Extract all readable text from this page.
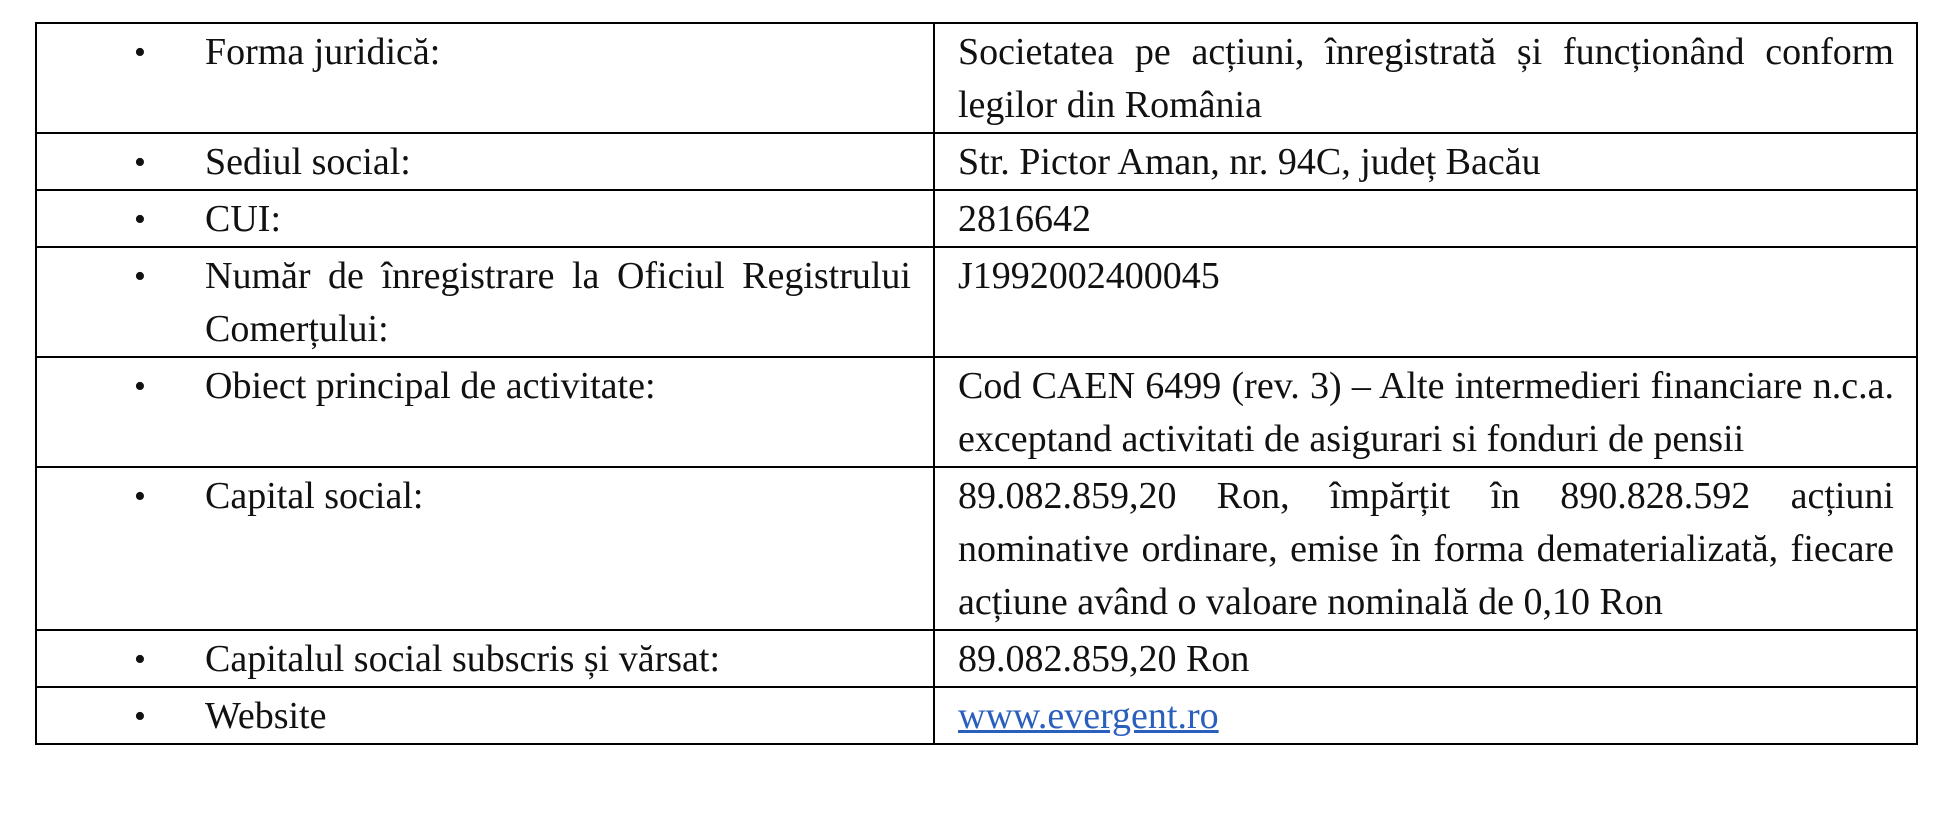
• Forma juridică:	Societatea pe acțiuni, înregistrată și funcționând conform legilor din România

• Sediul social:	Str. Pictor Aman, nr. 94C, județ Bacău

• CUI:	2816642

• Număr de înregistrare la Oficiul Registrului Comerțului:	J1992002400045

• Obiect principal de activitate:	Cod CAEN 6499 (rev. 3) – Alte intermedieri financiare n.c.a. exceptand activitati de asigurari si fonduri de pensii

• Capital social:	89.082.859,20 Ron, împărțit în 890.828.592 acțiuni nominative ordinare, emise în forma dematerializată, fiecare acțiune având o valoare nominală de 0,10 Ron

• Capitalul social subscris și vărsat:	89.082.859,20 Ron

• Website	www.evergent.ro
